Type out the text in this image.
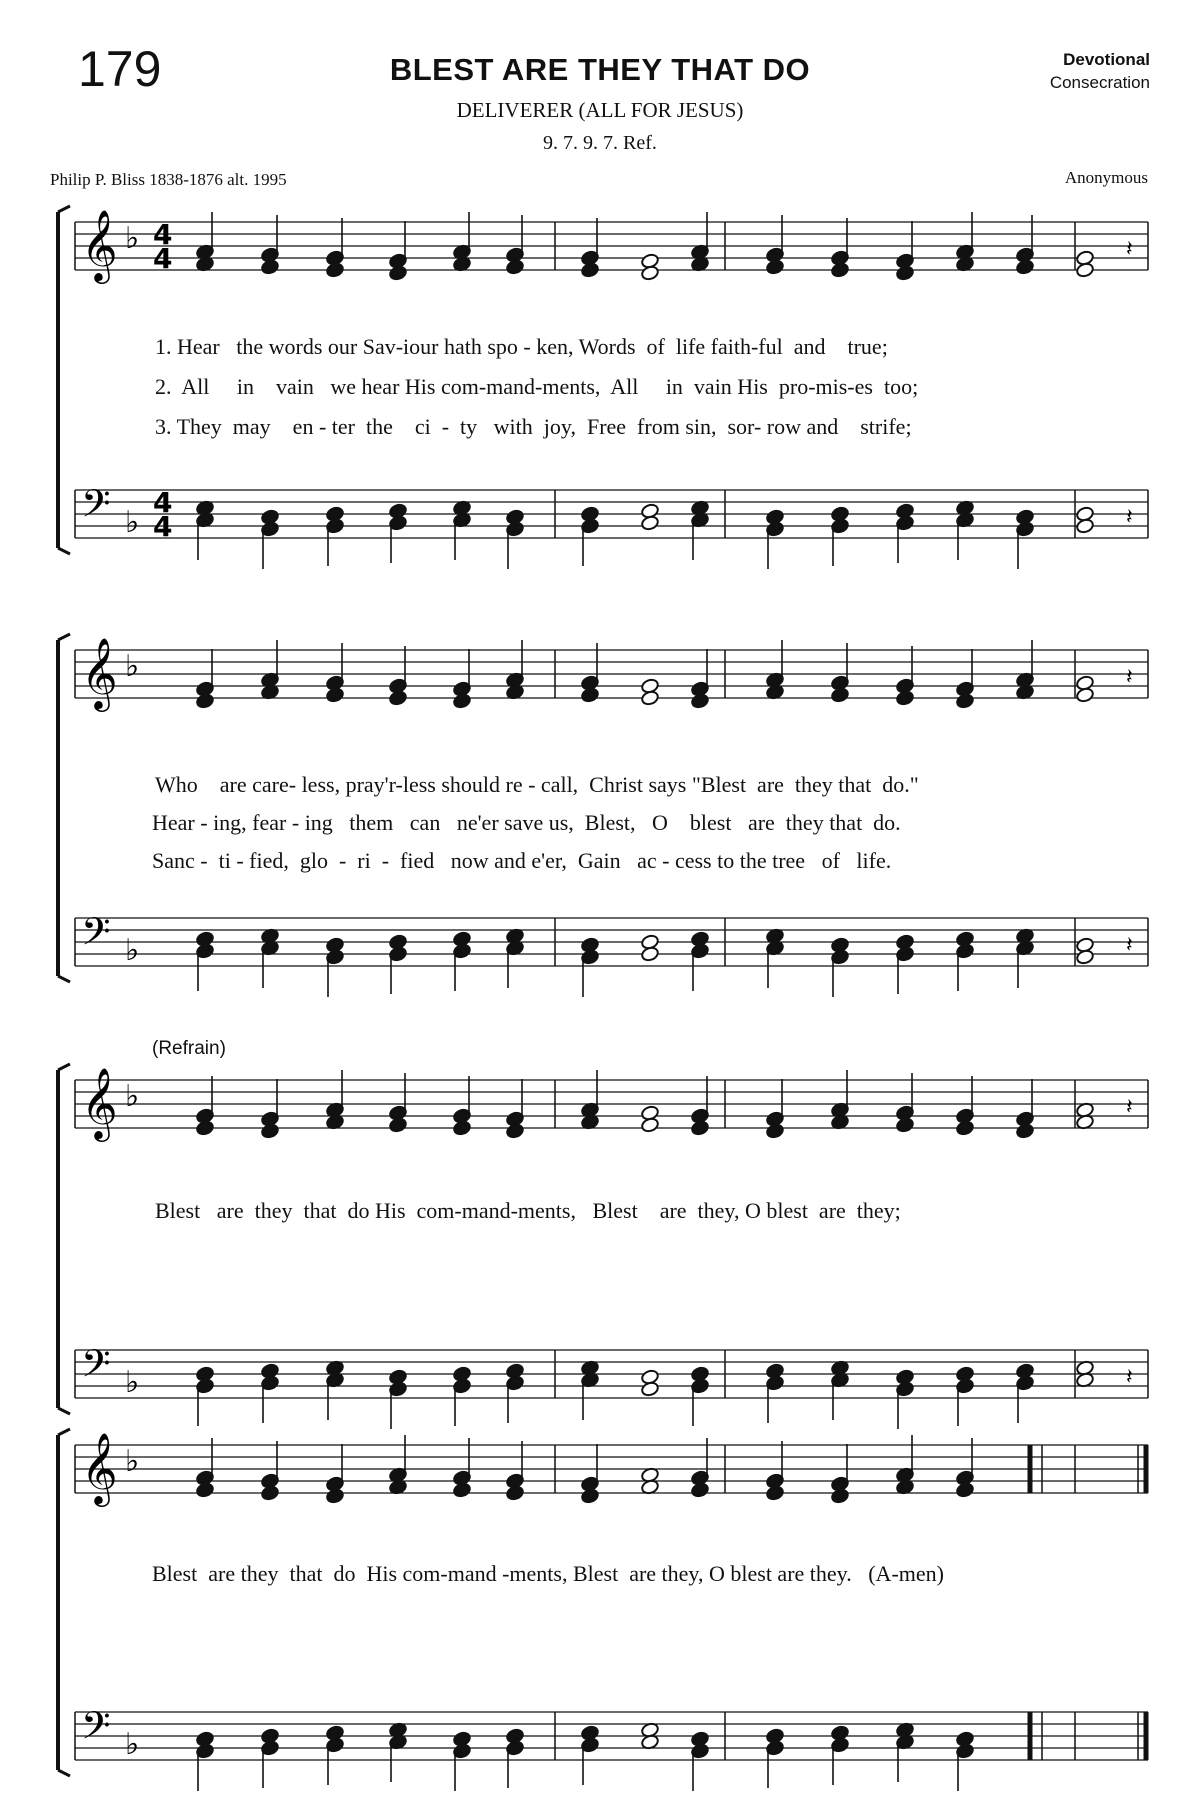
179	BLEST ARE THEY THAT DO
DELIVERER (ALL FOR JESUS)
9. 7. 9. 7. Ref.
Devotional
Consecration
Philip P. Bliss 1838-1876 alt. 1995	Anonymous
𝄞 ♭ 4
4	𝄽
𝄢 ♭
4
4	𝄽
𝄞 ♭	𝄽
𝄢 ♭	𝄽
𝄞 ♭	𝄽
𝄢 ♭	𝄽
𝄞 ♭
𝄢 ♭
1. Hear   the words our Sav-iour hath spo - ken, Words  of  life faith-ful  and    true;
2.  All     in    vain   we hear His com-mand-ments,  All     in  vain His  pro-mis-es  too;
3. They  may    en - ter  the    ci  -  ty   with  joy,  Free  from sin,  sor- row and    strife;
Who    are care- less, pray'r-less should re - call,  Christ says "Blest  are  they that  do."
Hear - ing, fear - ing   them   can   ne'er save us,  Blest,   O    blest   are  they that  do.
Sanc -  ti - fied,  glo  -  ri  -  fied   now and e'er,  Gain   ac - cess to the tree   of   life.
(Refrain)
Blest   are  they  that  do His  com-mand-ments,   Blest    are  they, O blest  are  they;
Blest  are they  that  do  His com-mand -ments, Blest  are they, O blest are they.   (A-men)
